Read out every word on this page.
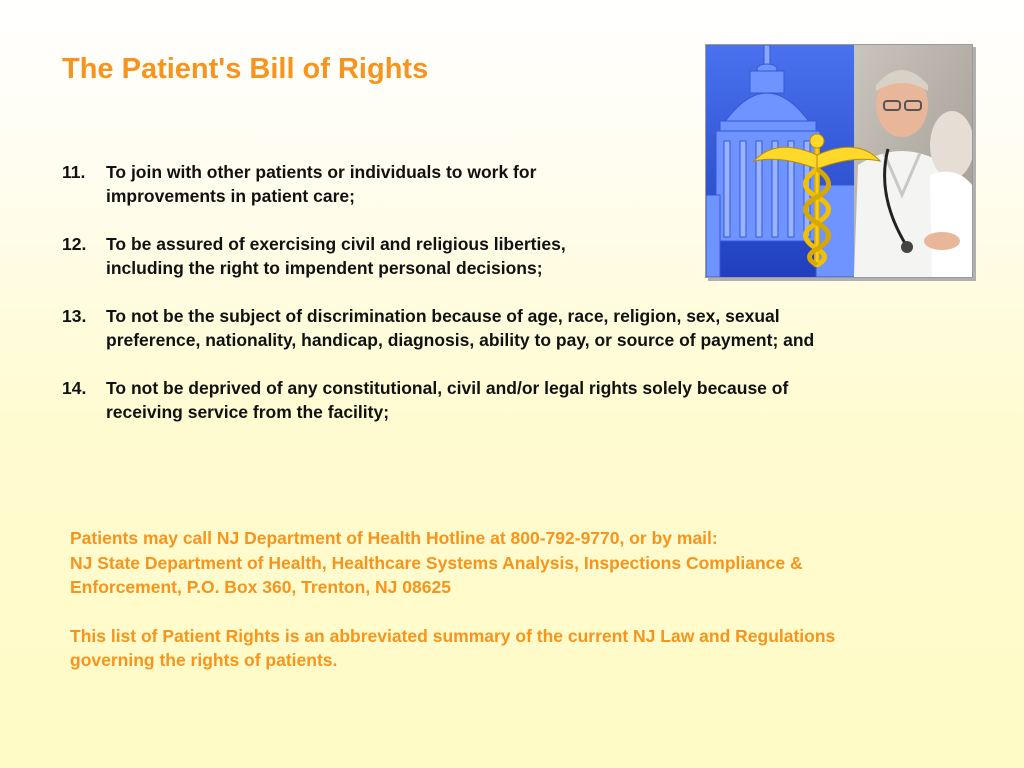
The Patient's Bill of Rights
11. To join with other patients or individuals to work for
improvements in patient care;
12. To be assured of exercising civil and religious liberties,
including the right to impendent personal decisions;
13. To not be the subject of discrimination because of age, race, religion, sex, sexual
preference, nationality, handicap, diagnosis, ability to pay, or source of payment; and
14. To not be deprived of any constitutional, civil and/or legal rights solely because of
receiving service from the facility;

Patients may call NJ Department of Health Hotline at 800-792-9770, or by mail:

NJ State Department of Health, Healthcare Systems Analysis, Inspections Compliance &

Enforcement, P.O. Box 360, Trenton, NJ 08625

This list of Patient Rights is an abbreviated summary of the current NJ Law and Regulations

governing the rights of patients.
